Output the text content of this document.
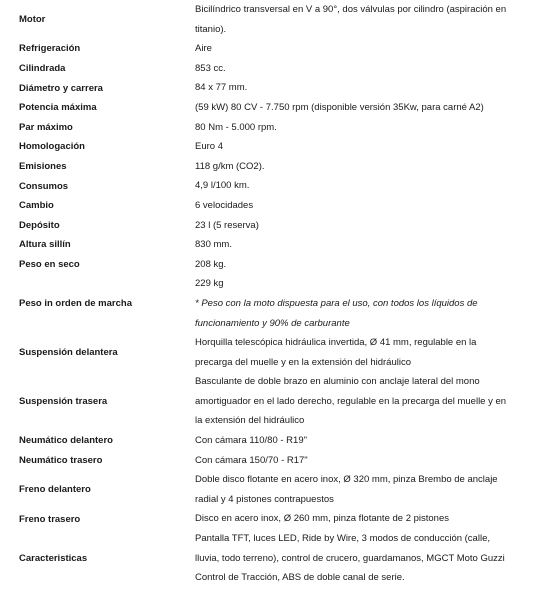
Motor	Bicilíndrico transversal en V a 90°, dos válvulas por cilindro (aspiración en
titanio).

Refrigeración	Aire
Cilindrada	853 cc.
Diámetro y carrera	84 x 77 mm.
Potencia máxima	(59 kW) 80 CV - 7.750 rpm (disponible versión 35Kw, para carné A2)
Par máximo	80 Nm - 5.000 rpm.
Homologación	Euro 4
Emisiones	118 g/km (CO2).
Consumos	4,9 l/100 km.
Cambio	6 velocidades
Depósito	23 l (5 reserva)
Altura sillín	830 mm.
Peso en seco	208 kg.
Peso in orden de marcha	229 kg
* Peso con la moto dispuesta para el uso, con todos los líquidos de
funcionamiento y 90% de carburante

Suspensión delantera	Horquilla telescópica hidráulica invertida, Ø 41 mm, regulable en la
precarga del muelle y en la extensión del hidráulico

Suspensión trasera	Basculante de doble brazo en aluminio con anclaje lateral del mono
amortiguador en el lado derecho, regulable en la precarga del muelle y en
la extensión del hidráulico

Neumático delantero	Con cámara 110/80 - R19"
Neumático trasero	Con cámara 150/70 - R17"
Freno delantero	Doble disco flotante en acero inox, Ø 320 mm, pinza Brembo de anclaje
radial y 4 pistones contrapuestos

Freno trasero	Disco en acero inox, Ø 260 mm, pinza flotante de 2 pistones
Caracteristicas	Pantalla TFT, luces LED, Ride by Wire, 3 modos de conducción (calle,
lluvia, todo terreno), control de crucero, guardamanos, MGCT Moto Guzzi
Control de Tracción, ABS de doble canal de serie.
